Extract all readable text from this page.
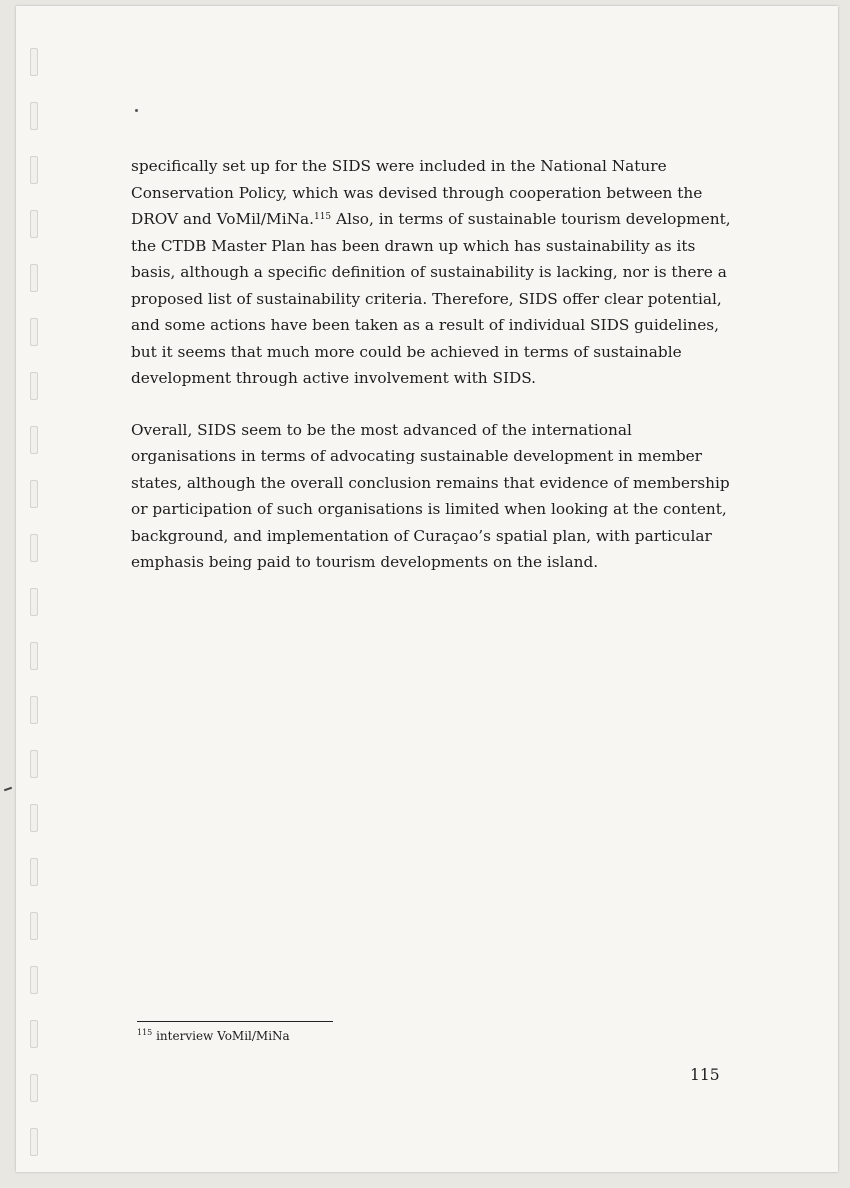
specifically set up for the SIDS were included in the National Nature Conservation Policy, which was devised through cooperation between the DROV and VoMil/MiNa.$^{115}$ Also, in terms of sustainable tourism development, the CTDB Master Plan has been drawn up which has sustainability as its basis, although a specific definition of sustainability is lacking, nor is there a proposed list of sustainability criteria. Therefore, SIDS offer clear potential, and some actions have been taken as a result of individual SIDS guidelines, but it seems that much more could be achieved in terms of sustainable development through active involvement with SIDS.

Overall, SIDS seem to be the most advanced of the international organisations in terms of advocating sustainable development in member states, although the overall conclusion remains that evidence of membership or participation of such organisations is limited when looking at the content, background, and implementation of Curaçao’s spatial plan, with particular emphasis being paid to tourism developments on the island.

$^{115}$ interview VoMil/MiNa
115
